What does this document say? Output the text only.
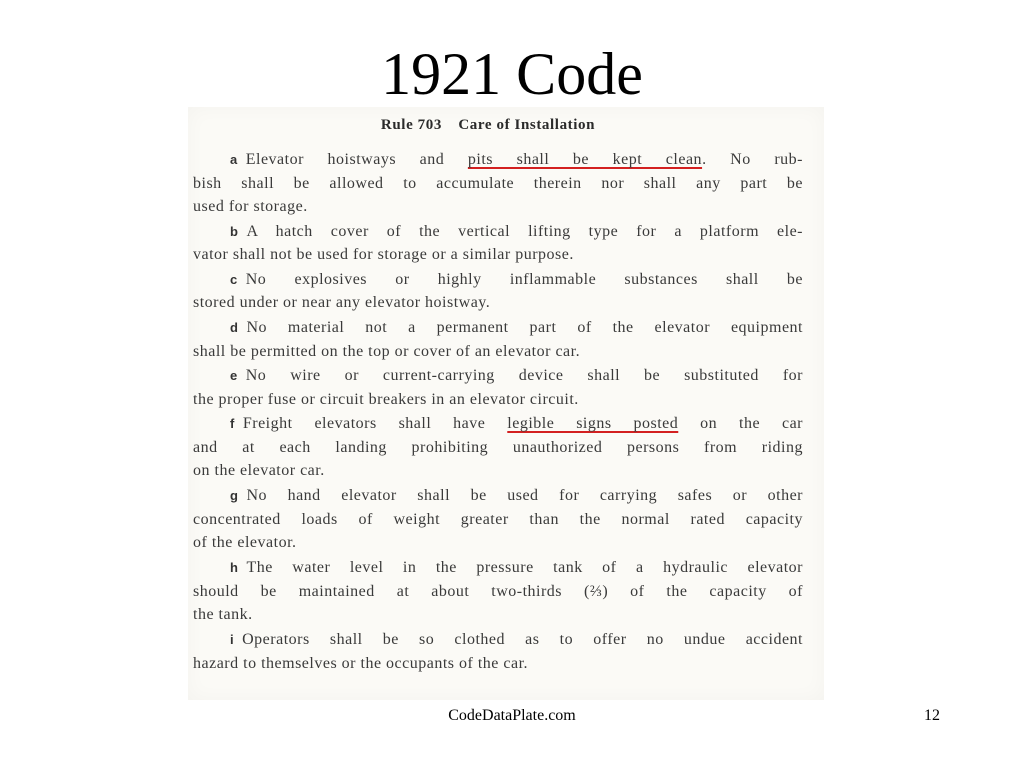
1921 Code
Rule 703 Care of Installation
a Elevator hoistways and pits shall be kept clean. No rub-
bish shall be allowed to accumulate therein nor shall any part be
used for storage.
b A hatch cover of the vertical lifting type for a platform ele-
vator shall not be used for storage or a similar purpose.
c No explosives or highly inflammable substances shall be
stored under or near any elevator hoistway.
d No material not a permanent part of the elevator equipment
shall be permitted on the top or cover of an elevator car.
e No wire or current-carrying device shall be substituted for
the proper fuse or circuit breakers in an elevator circuit.
f Freight elevators shall have legible signs posted on the car
and at each landing prohibiting unauthorized persons from riding
on the elevator car.
g No hand elevator shall be used for carrying safes or other
concentrated loads of weight greater than the normal rated capacity
of the elevator.
h The water level in the pressure tank of a hydraulic elevator
should be maintained at about two-thirds (⅔) of the capacity of
the tank.
i Operators shall be so clothed as to offer no undue accident
hazard to themselves or the occupants of the car.
CodeDataPlate.com	12
